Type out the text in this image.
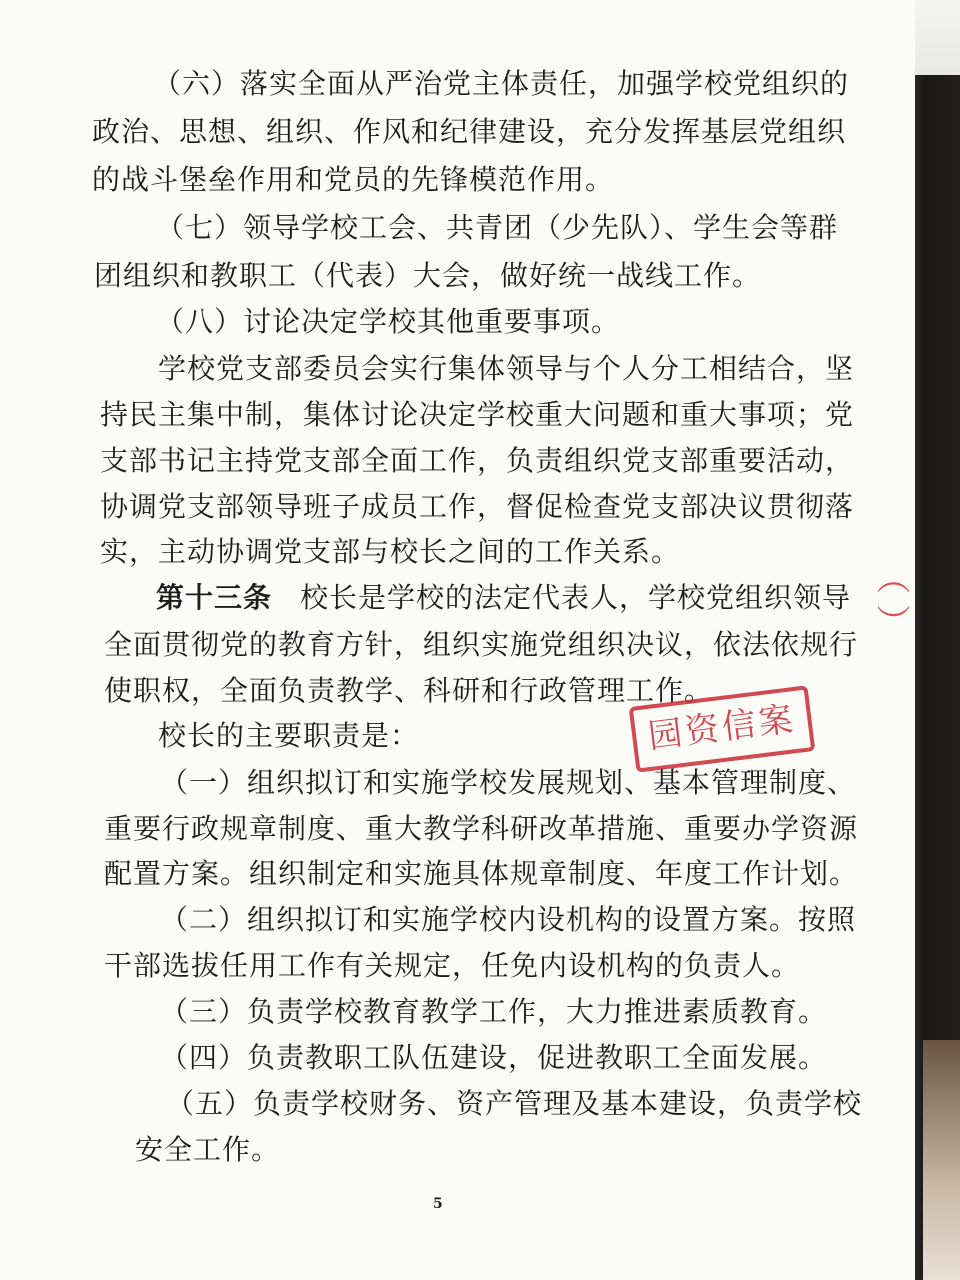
（六）落实全面从严治党主体责任，加强学校党组织的
政治、思想、组织、作风和纪律建设，充分发挥基层党组织
的战斗堡垒作用和党员的先锋模范作用。
（七）领导学校工会、共青团（少先队）、学生会等群
团组织和教职工（代表）大会，做好统一战线工作。
（八）讨论决定学校其他重要事项。
学校党支部委员会实行集体领导与个人分工相结合，坚
持民主集中制，集体讨论决定学校重大问题和重大事项；党
支部书记主持党支部全面工作，负责组织党支部重要活动，
协调党支部领导班子成员工作，督促检查党支部决议贯彻落
实，主动协调党支部与校长之间的工作关系。
第十三条 校长是学校的法定代表人，学校党组织领导
全面贯彻党的教育方针，组织实施党组织决议，依法依规行
使职权，全面负责教学、科研和行政管理工作。
校长的主要职责是：
（一）组织拟订和实施学校发展规划、基本管理制度、
重要行政规章制度、重大教学科研改革措施、重要办学资源
配置方案。组织制定和实施具体规章制度、年度工作计划。
（二）组织拟订和实施学校内设机构的设置方案。按照
干部选拔任用工作有关规定，任免内设机构的负责人。
（三）负责学校教育教学工作，大力推进素质教育。
（四）负责教职工队伍建设，促进教职工全面发展。
（五）负责学校财务、资产管理及基本建设，负责学校
安全工作。
园资信案
5
（ ）
